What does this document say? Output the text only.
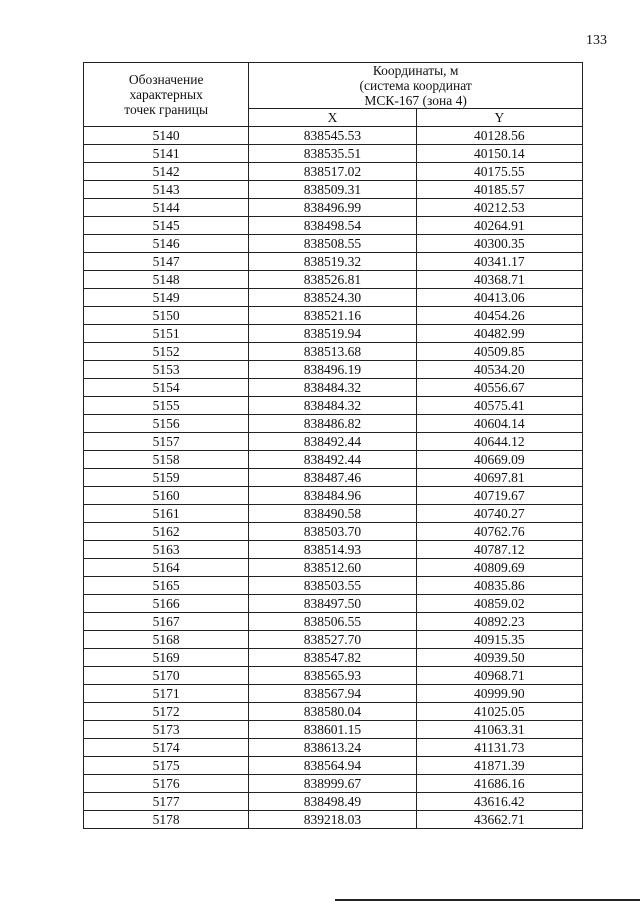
133
Обозначение
характерных
точек границы	Координаты, м
(система координат
МСК-167 (зона 4)	

	X	Y
5140	838545.53	40128.56
5141	838535.51	40150.14
5142	838517.02	40175.55
5143	838509.31	40185.57
5144	838496.99	40212.53
5145	838498.54	40264.91
5146	838508.55	40300.35
5147	838519.32	40341.17
5148	838526.81	40368.71
5149	838524.30	40413.06
5150	838521.16	40454.26
5151	838519.94	40482.99
5152	838513.68	40509.85
5153	838496.19	40534.20
5154	838484.32	40556.67
5155	838484.32	40575.41
5156	838486.82	40604.14
5157	838492.44	40644.12
5158	838492.44	40669.09
5159	838487.46	40697.81
5160	838484.96	40719.67
5161	838490.58	40740.27
5162	838503.70	40762.76
5163	838514.93	40787.12
5164	838512.60	40809.69
5165	838503.55	40835.86
5166	838497.50	40859.02
5167	838506.55	40892.23
5168	838527.70	40915.35
5169	838547.82	40939.50
5170	838565.93	40968.71
5171	838567.94	40999.90
5172	838580.04	41025.05
5173	838601.15	41063.31
5174	838613.24	41131.73
5175	838564.94	41871.39
5176	838999.67	41686.16
5177	838498.49	43616.42
5178	839218.03	43662.71
